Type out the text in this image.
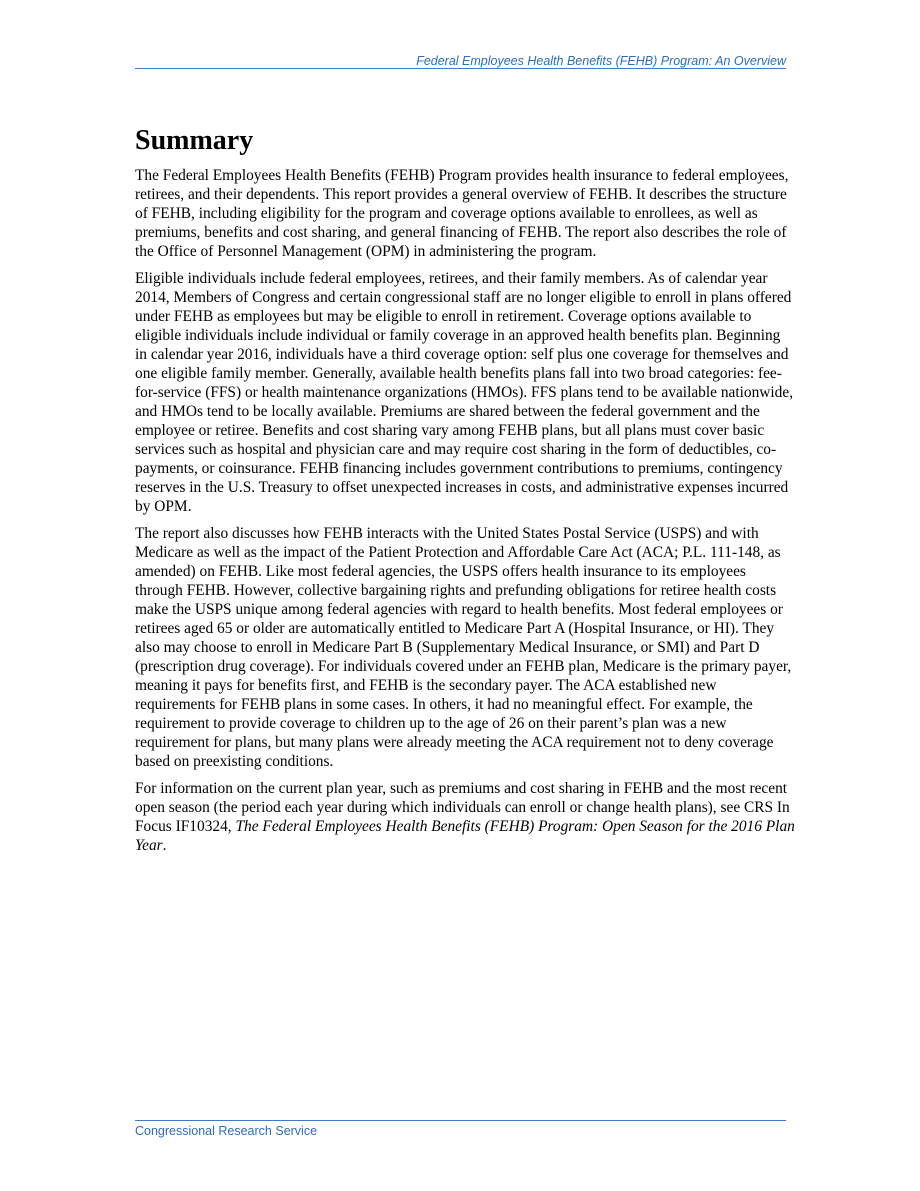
Federal Employees Health Benefits (FEHB) Program: An Overview
Summary

The Federal Employees Health Benefits (FEHB) Program provides health insurance to federal employees, retirees, and their dependents. This report provides a general overview of FEHB. It describes the structure of FEHB, including eligibility for the program and coverage options available to enrollees, as well as premiums, benefits and cost sharing, and general financing of FEHB. The report also describes the role of the Office of Personnel Management (OPM) in administering the program.

Eligible individuals include federal employees, retirees, and their family members. As of calendar year 2014, Members of Congress and certain congressional staff are no longer eligible to enroll in plans offered under FEHB as employees but may be eligible to enroll in retirement. Coverage options available to eligible individuals include individual or family coverage in an approved health benefits plan. Beginning in calendar year 2016, individuals have a third coverage option: self plus one coverage for themselves and one eligible family member. Generally, available health benefits plans fall into two broad categories: fee-for-service (FFS) or health maintenance organizations (HMOs). FFS plans tend to be available nationwide, and HMOs tend to be locally available. Premiums are shared between the federal government and the employee or retiree. Benefits and cost sharing vary among FEHB plans, but all plans must cover basic services such as hospital and physician care and may require cost sharing in the form of deductibles, co-payments, or coinsurance. FEHB financing includes government contributions to premiums, contingency reserves in the U.S. Treasury to offset unexpected increases in costs, and administrative expenses incurred by OPM.

The report also discusses how FEHB interacts with the United States Postal Service (USPS) and with Medicare as well as the impact of the Patient Protection and Affordable Care Act (ACA; P.L. 111-148, as amended) on FEHB. Like most federal agencies, the USPS offers health insurance to its employees through FEHB. However, collective bargaining rights and prefunding obligations for retiree health costs make the USPS unique among federal agencies with regard to health benefits. Most federal employees or retirees aged 65 or older are automatically entitled to Medicare Part A (Hospital Insurance, or HI). They also may choose to enroll in Medicare Part B (Supplementary Medical Insurance, or SMI) and Part D (prescription drug coverage). For individuals covered under an FEHB plan, Medicare is the primary payer, meaning it pays for benefits first, and FEHB is the secondary payer. The ACA established new requirements for FEHB plans in some cases. In others, it had no meaningful effect. For example, the requirement to provide coverage to children up to the age of 26 on their parent’s plan was a new requirement for plans, but many plans were already meeting the ACA requirement not to deny coverage based on preexisting conditions.

For information on the current plan year, such as premiums and cost sharing in FEHB and the most recent open season (the period each year during which individuals can enroll or change health plans), see CRS In Focus IF10324, The Federal Employees Health Benefits (FEHB) Program: Open Season for the 2016 Plan Year.

Congressional Research Service
